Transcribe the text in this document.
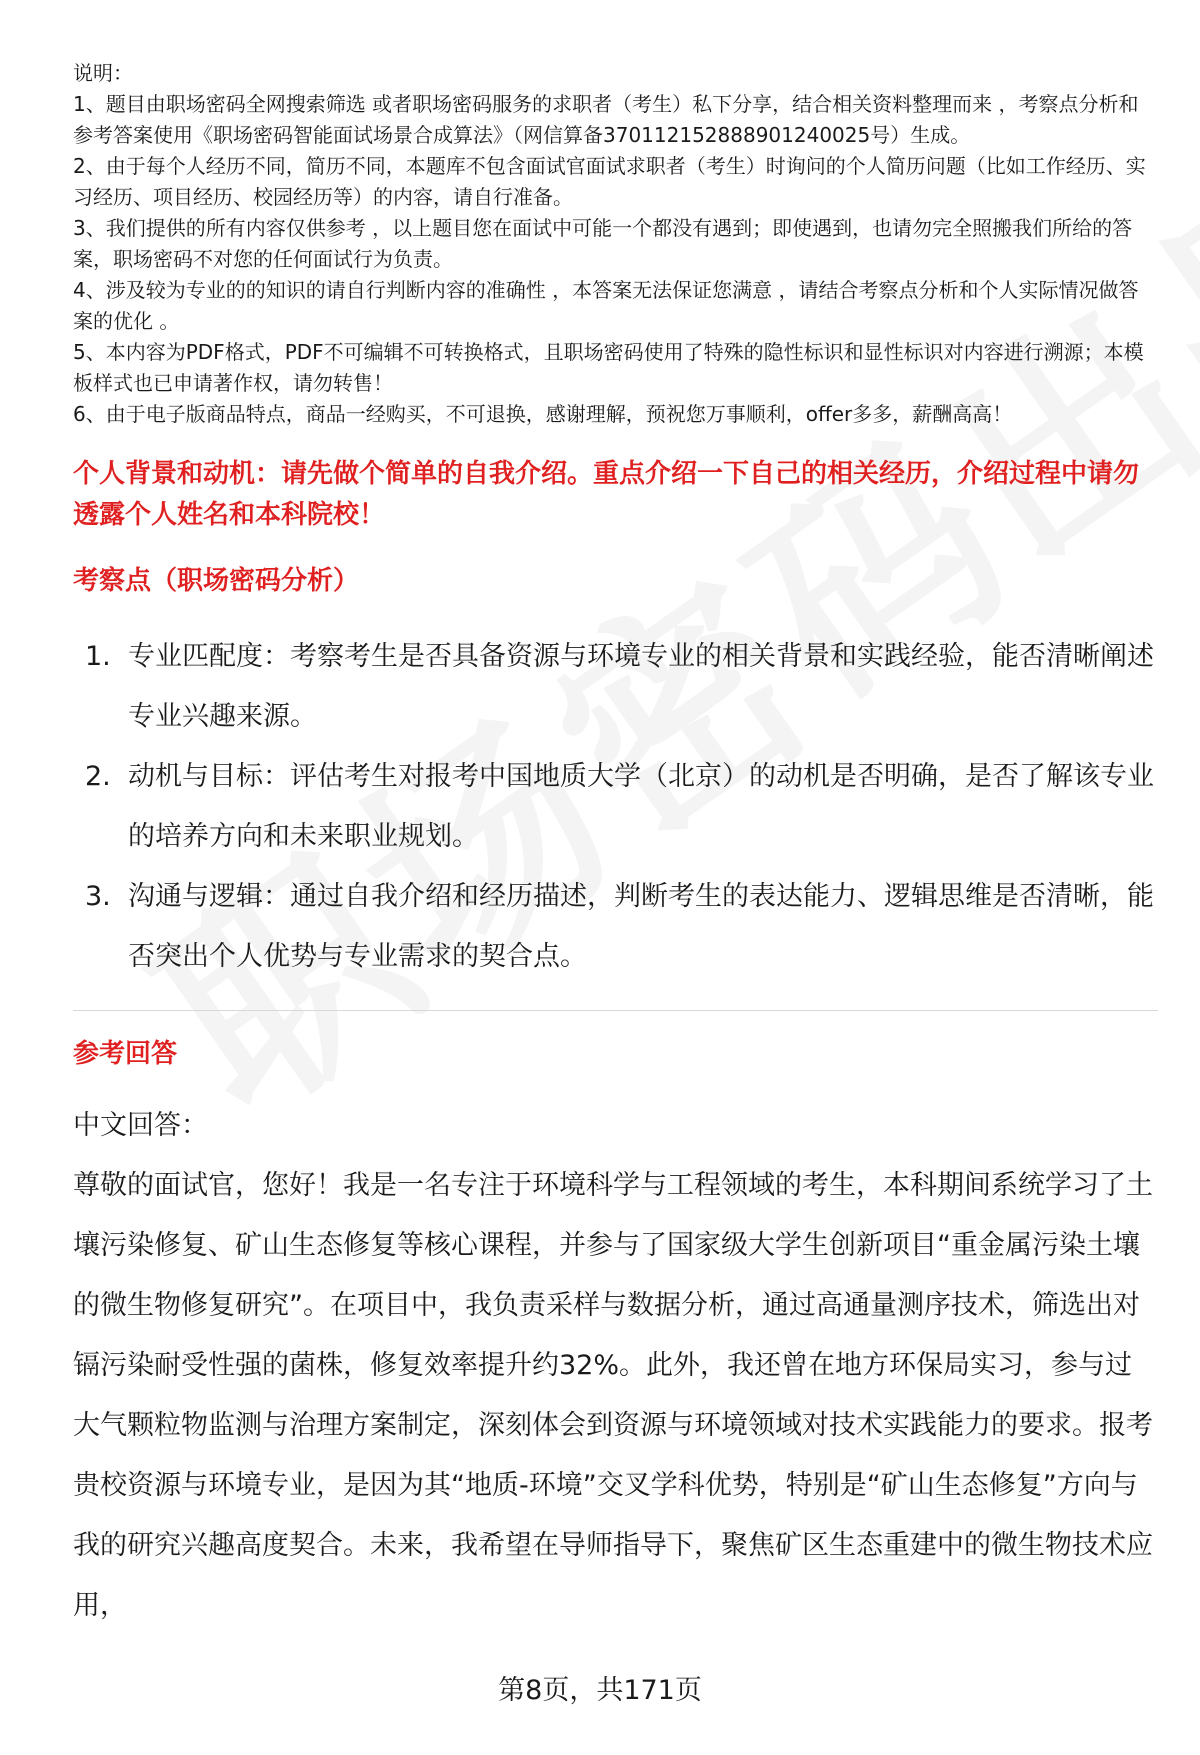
说明：

1、题目由职场密码全网搜索筛选 或者职场密码服务的求职者（考生）私下分享，结合相关资料整理而来 ，考察点分析和参考答案使用《职场密码智能面试场景合成算法》（网信算备370112152888901240025号）生成。

2、由于每个人经历不同，简历不同，本题库不包含面试官面试求职者（考生）时询问的个人简历问题（比如工作经历、实习经历、项目经历、校园经历等）的内容，请自行准备。

3、我们提供的所有内容仅供参考 ，以上题目您在面试中可能一个都没有遇到；即使遇到，也请勿完全照搬我们所给的答案，职场密码不对您的任何面试行为负责。

4、涉及较为专业的的知识的请自行判断内容的准确性 ，本答案无法保证您满意 ，请结合考察点分析和个人实际情况做答案的优化 。

5、本内容为PDF格式，PDF不可编辑不可转换格式，且职场密码使用了特殊的隐性标识和显性标识对内容进行溯源；本模板样式也已申请著作权，请勿转售！

6、由于电子版商品特点，商品一经购买，不可退换，感谢理解，预祝您万事顺利，offer多多，薪酬高高！

个人背景和动机：请先做个简单的自我介绍。重点介绍一下自己的相关经历，介绍过程中请勿透露个人姓名和本科院校！
考察点（职场密码分析）
1. 专业匹配度：考察考生是否具备资源与环境专业的相关背景和实践经验，能否清晰阐述专业兴趣来源。
2. 动机与目标：评估考生对报考中国地质大学（北京）的动机是否明确，是否了解该专业的培养方向和未来职业规划。
3. 沟通与逻辑：通过自我介绍和经历描述，判断考生的表达能力、逻辑思维是否清晰，能否突出个人优势与专业需求的契合点。
参考回答

中文回答：

尊敬的面试官，您好！我是一名专注于环境科学与工程领域的考生，本科期间系统学习了土壤污染修复、矿山生态修复等核心课程，并参与了国家级大学生创新项目“重金属污染土壤的微生物修复研究”。在项目中，我负责采样与数据分析，通过高通量测序技术，筛选出对镉污染耐受性强的菌株，修复效率提升约32%。此外，我还曾在地方环保局实习，参与过大气颗粒物监测与治理方案制定，深刻体会到资源与环境领域对技术实践能力的要求。报考贵校资源与环境专业，是因为其“地质-环境”交叉学科优势，特别是“矿山生态修复”方向与我的研究兴趣高度契合。未来，我希望在导师指导下，聚焦矿区生态重建中的微生物技术应用，

第8页，共171页
